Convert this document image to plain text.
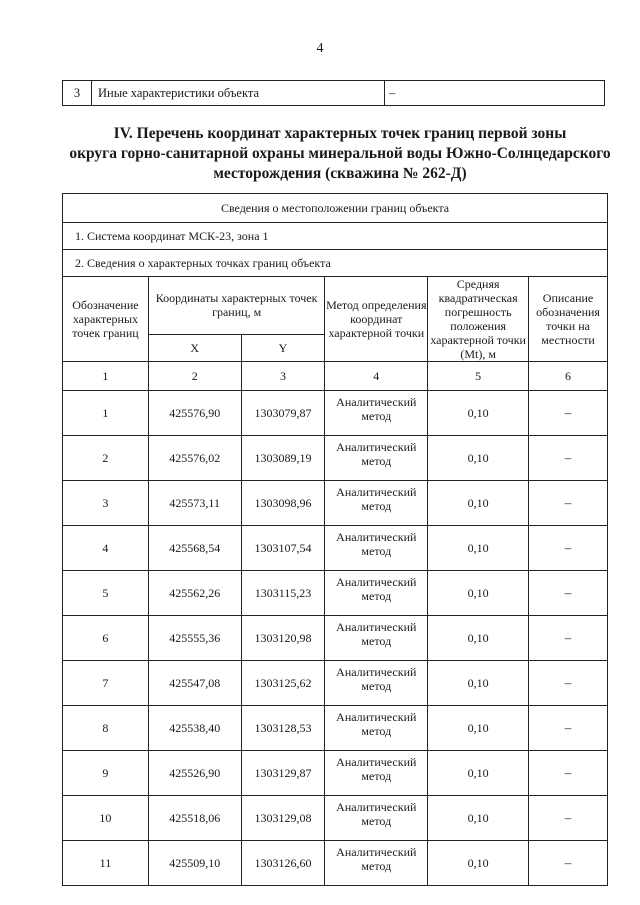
4
3	Иные характеристики объекта	–
IV. Перечень координат характерных точек границ первой зоны
округа горно-санитарной охраны минеральной воды Южно-Солнцедарского
месторождения (скважина № 262-Д)
Сведения о местоположении границ объекта					
1. Система координат МСК-23, зона 1					
2. Сведения о характерных точках границ объекта					
Обозначение характерных точек границ	Координаты характерных точек границ, м		Метод определения координат характерной точки	Средняя квадратическая погрешность положения характерной точки (Mt), м	Описание обозначения точки на местности
	X	Y			
1	2	3	4	5	6
1	425576,90	1303079,87	Аналитический метод	0,10	–
2	425576,02	1303089,19	Аналитический метод	0,10	–
3	425573,11	1303098,96	Аналитический метод	0,10	–
4	425568,54	1303107,54	Аналитический метод	0,10	–
5	425562,26	1303115,23	Аналитический метод	0,10	–
6	425555,36	1303120,98	Аналитический метод	0,10	–
7	425547,08	1303125,62	Аналитический метод	0,10	–
8	425538,40	1303128,53	Аналитический метод	0,10	–
9	425526,90	1303129,87	Аналитический метод	0,10	–
10	425518,06	1303129,08	Аналитический метод	0,10	–
11	425509,10	1303126,60	Аналитический метод	0,10	–
